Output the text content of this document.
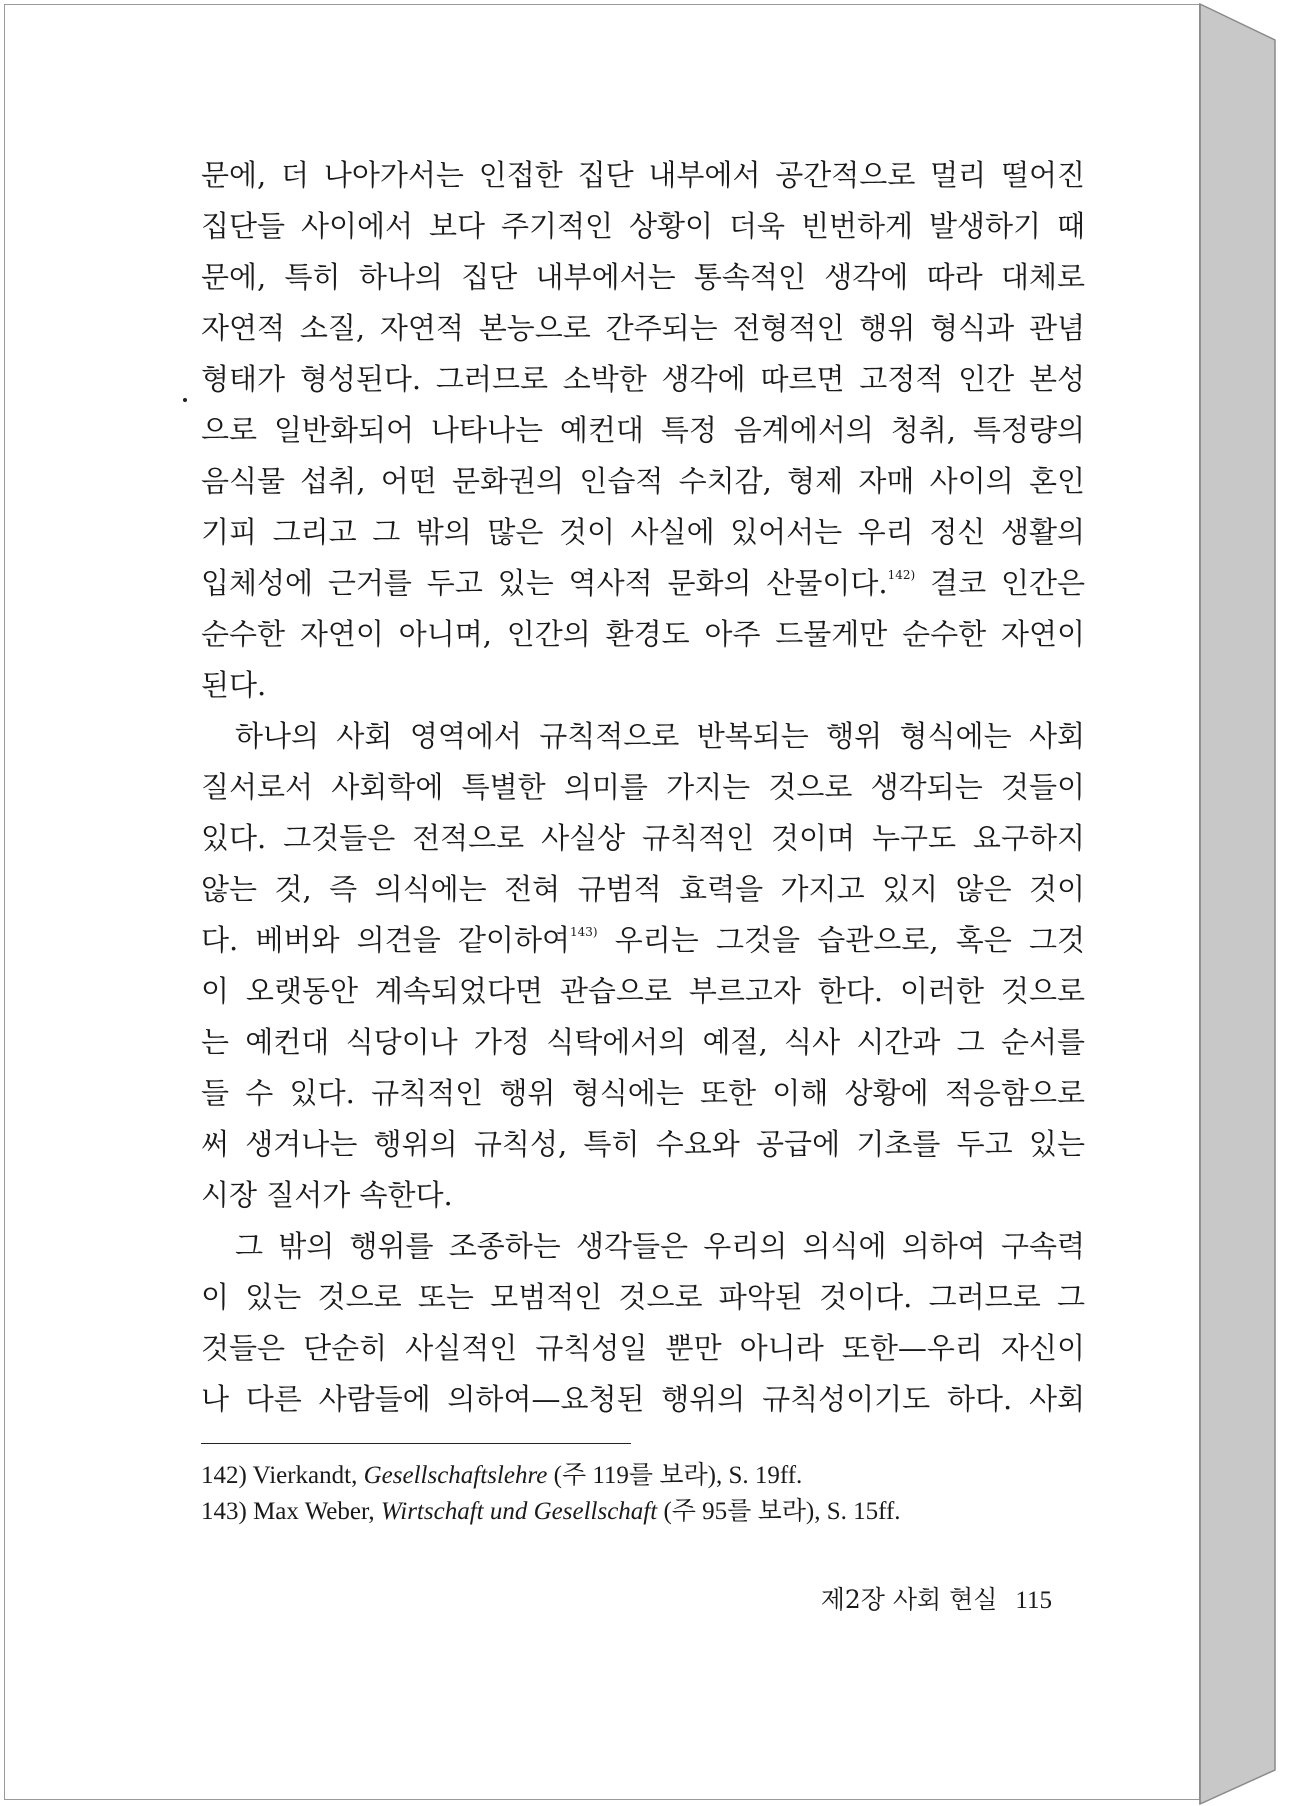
문에, 더 나아가서는 인접한 집단 내부에서 공간적으로 멀리 떨어진
집단들 사이에서 보다 주기적인 상황이 더욱 빈번하게 발생하기 때
문에, 특히 하나의 집단 내부에서는 통속적인 생각에 따라 대체로
자연적 소질, 자연적 본능으로 간주되는 전형적인 행위 형식과 관념
형태가 형성된다. 그러므로 소박한 생각에 따르면 고정적 인간 본성
으로 일반화되어 나타나는 예컨대 특정 음계에서의 청취, 특정량의
음식물 섭취, 어떤 문화권의 인습적 수치감, 형제 자매 사이의 혼인
기피 그리고 그 밖의 많은 것이 사실에 있어서는 우리 정신 생활의
입체성에 근거를 두고 있는 역사적 문화의 산물이다.$^{142)}$ 결코 인간은
순수한 자연이 아니며, 인간의 환경도 아주 드물게만 순수한 자연이
된다.
하나의 사회 영역에서 규칙적으로 반복되는 행위 형식에는 사회
질서로서 사회학에 특별한 의미를 가지는 것으로 생각되는 것들이
있다. 그것들은 전적으로 사실상 규칙적인 것이며 누구도 요구하지
않는 것, 즉 의식에는 전혀 규범적 효력을 가지고 있지 않은 것이
다. 베버와 의견을 같이하여$^{143)}$ 우리는 그것을 습관으로, 혹은 그것
이 오랫동안 계속되었다면 관습으로 부르고자 한다. 이러한 것으로
는 예컨대 식당이나 가정 식탁에서의 예절, 식사 시간과 그 순서를
들 수 있다. 규칙적인 행위 형식에는 또한 이해 상황에 적응함으로
써 생겨나는 행위의 규칙성, 특히 수요와 공급에 기초를 두고 있는
시장 질서가 속한다.
그 밖의 행위를 조종하는 생각들은 우리의 의식에 의하여 구속력
이 있는 것으로 또는 모범적인 것으로 파악된 것이다. 그러므로 그
것들은 단순히 사실적인 규칙성일 뿐만 아니라 또한—우리 자신이
나 다른 사람들에 의하여—요청된 행위의 규칙성이기도 하다. 사회
142) Vierkandt, Gesellschaftslehre (주 119를 보라), S. 19ff.
143) Max Weber, Wirtschaft und Gesellschaft (주 95를 보라), S. 15ff.
제2장 사회 현실 115
